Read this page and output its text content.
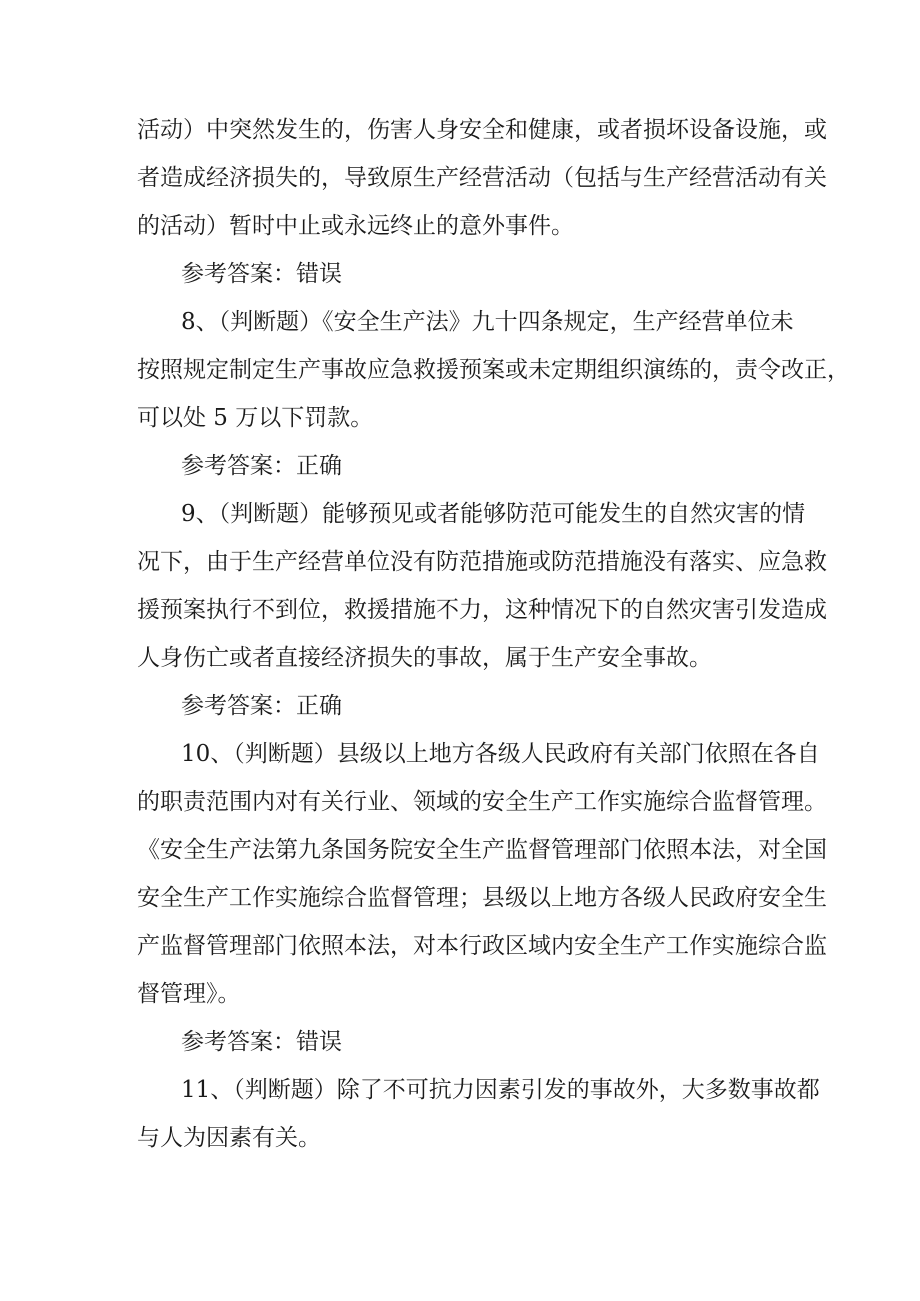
活动）中突然发生的，伤害人身安全和健康，或者损坏设备设施，或
者造成经济损失的，导致原生产经营活动（包括与生产经营活动有关
的活动）暂时中止或永远终止的意外事件。
参考答案：错误
8、（判断题）《安全生产法》九十四条规定，生产经营单位未
按照规定制定生产事故应急救援预案或未定期组织演练的，责令改正，
可以处 5 万以下罚款。
参考答案：正确
9、（判断题）能够预见或者能够防范可能发生的自然灾害的情
况下，由于生产经营单位没有防范措施或防范措施没有落实、应急救
援预案执行不到位，救援措施不力，这种情况下的自然灾害引发造成
人身伤亡或者直接经济损失的事故，属于生产安全事故。
参考答案：正确
10、（判断题）县级以上地方各级人民政府有关部门依照在各自
的职责范围内对有关行业、领域的安全生产工作实施综合监督管理。
《安全生产法第九条国务院安全生产监督管理部门依照本法，对全国
安全生产工作实施综合监督管理；县级以上地方各级人民政府安全生
产监督管理部门依照本法，对本行政区域内安全生产工作实施综合监
督管理》。
参考答案：错误
11、（判断题）除了不可抗力因素引发的事故外，大多数事故都
与人为因素有关。
